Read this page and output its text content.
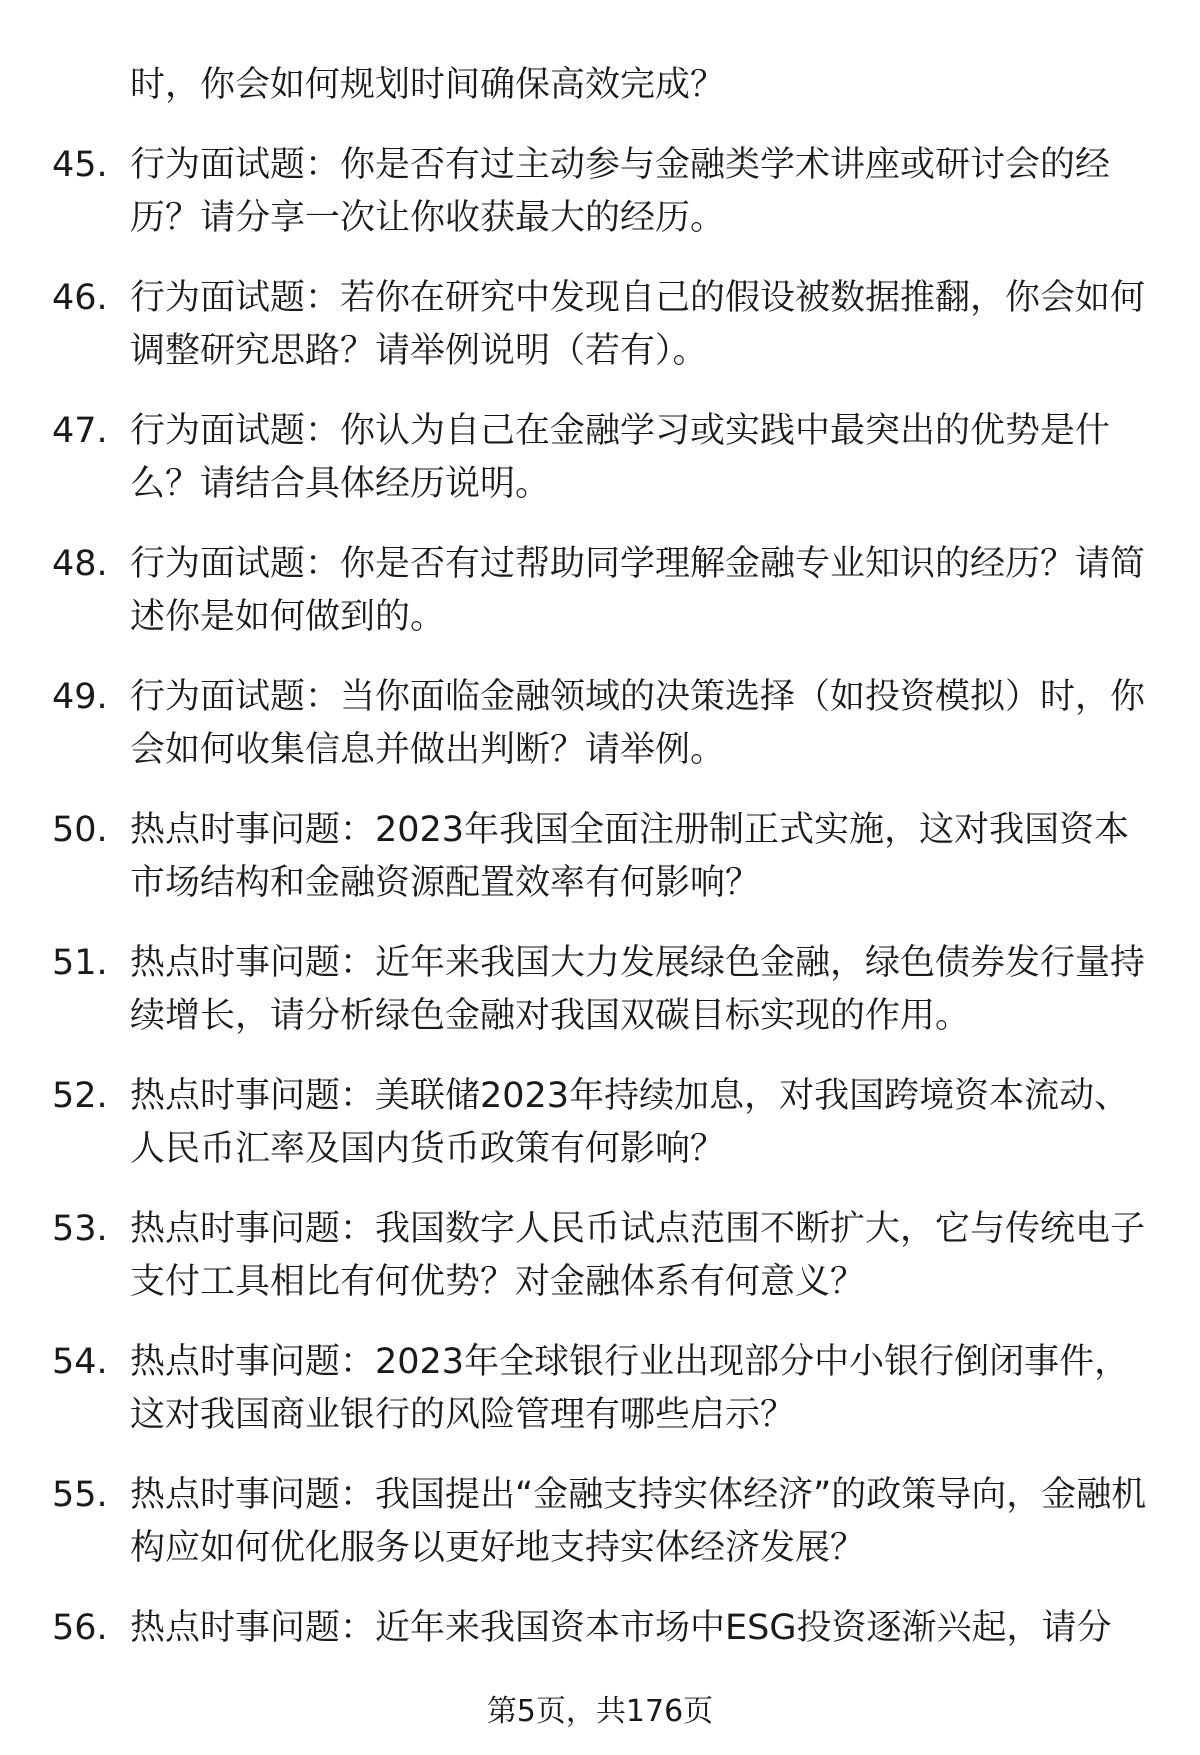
时，你会如何规划时间确保高效完成？
45. 行为面试题：你是否有过主动参与金融类学术讲座或研讨会的经历？请分享一次让你收获最大的经历。
46. 行为面试题：若你在研究中发现自己的假设被数据推翻，你会如何调整研究思路？请举例说明（若有）。
47. 行为面试题：你认为自己在金融学习或实践中最突出的优势是什么？请结合具体经历说明。
48. 行为面试题：你是否有过帮助同学理解金融专业知识的经历？请简述你是如何做到的。
49. 行为面试题：当你面临金融领域的决策选择（如投资模拟）时，你会如何收集信息并做出判断？请举例。
50. 热点时事问题：2023年我国全面注册制正式实施，这对我国资本市场结构和金融资源配置效率有何影响？
51. 热点时事问题：近年来我国大力发展绿色金融，绿色债券发行量持续增长，请分析绿色金融对我国双碳目标实现的作用。
52. 热点时事问题：美联储2023年持续加息，对我国跨境资本流动、人民币汇率及国内货币政策有何影响？
53. 热点时事问题：我国数字人民币试点范围不断扩大，它与传统电子支付工具相比有何优势？对金融体系有何意义？
54. 热点时事问题：2023年全球银行业出现部分中小银行倒闭事件，这对我国商业银行的风险管理有哪些启示？
55. 热点时事问题：我国提出“金融支持实体经济”的政策导向，金融机构应如何优化服务以更好地支持实体经济发展？
56. 热点时事问题：近年来我国资本市场中ESG投资逐渐兴起，请分
第5页，共176页
